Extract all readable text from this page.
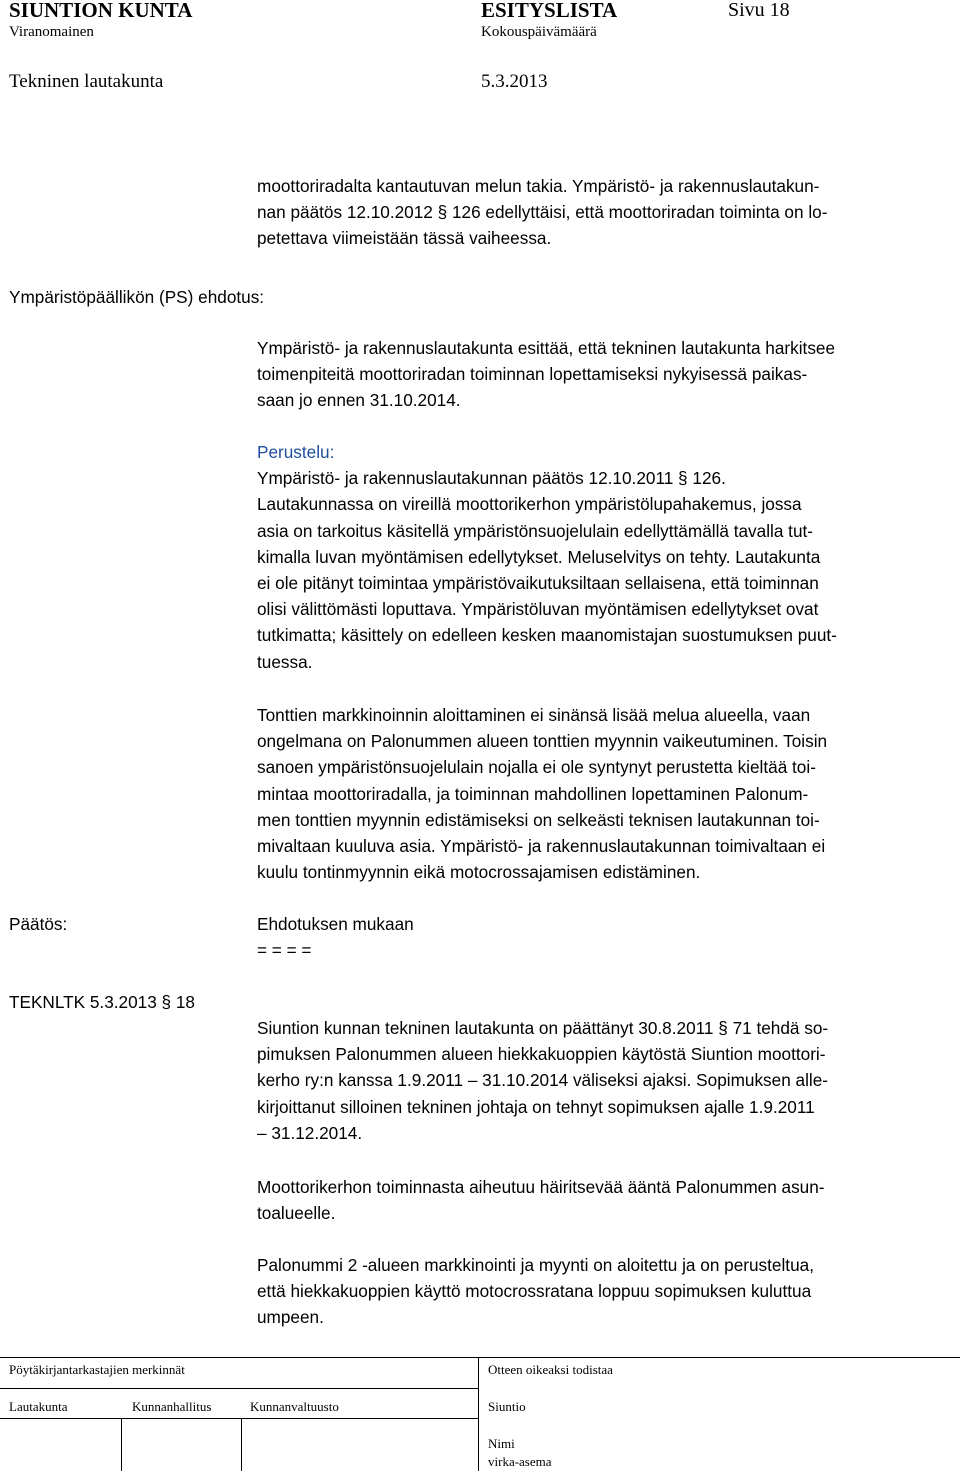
SIUNTION KUNTA	ESITYSLISTA	Sivu 18
Viranomainen	Kokouspäivämäärä
Tekninen lautakunta	5.3.2013
moottoriradalta kantautuvan melun takia. Ympäristö- ja rakennuslautakun-
nan päätös 12.10.2012 § 126 edellyttäisi, että moottoriradan toiminta on lo-
petettava viimeistään tässä vaiheessa.
Ympäristöpäällikön (PS) ehdotus:
Ympäristö- ja rakennuslautakunta esittää, että tekninen lautakunta harkitsee
toimenpiteitä moottoriradan toiminnan lopettamiseksi nykyisessä paikas-
saan jo ennen 31.10.2014.
Perustelu:
Ympäristö- ja rakennuslautakunnan päätös 12.10.2011 § 126.
Lautakunnassa on vireillä moottorikerhon ympäristölupahakemus, jossa
asia on tarkoitus käsitellä ympäristönsuojelulain edellyttämällä tavalla tut-
kimalla luvan myöntämisen edellytykset. Meluselvitys on tehty. Lautakunta
ei ole pitänyt toimintaa ympäristövaikutuksiltaan sellaisena, että toiminnan
olisi välittömästi loputtava. Ympäristöluvan myöntämisen edellytykset ovat
tutkimatta; käsittely on edelleen kesken maanomistajan suostumuksen puut-
tuessa.
Tonttien markkinoinnin aloittaminen ei sinänsä lisää melua alueella, vaan
ongelmana on Palonummen alueen tonttien myynnin vaikeutuminen. Toisin
sanoen ympäristönsuojelulain nojalla ei ole syntynyt perustetta kieltää toi-
mintaa moottoriradalla, ja toiminnan mahdollinen lopettaminen Palonum-
men tonttien myynnin edistämiseksi on selkeästi teknisen lautakunnan toi-
mivaltaan kuuluva asia. Ympäristö- ja rakennuslautakunnan toimivaltaan ei
kuulu tontinmyynnin eikä motocrossajamisen edistäminen.
Päätös:	Ehdotuksen mukaan
= = = =
TEKNLTK 5.3.2013 § 18
Siuntion kunnan tekninen lautakunta on päättänyt 30.8.2011 § 71 tehdä so-
pimuksen Palonummen alueen hiekkakuoppien käytöstä Siuntion moottori-
kerho ry:n kanssa 1.9.2011 – 31.10.2014 väliseksi ajaksi. Sopimuksen alle-
kirjoittanut silloinen tekninen johtaja on tehnyt sopimuksen ajalle 1.9.2011
– 31.12.2014.
Moottorikerhon toiminnasta aiheutuu häiritsevää ääntä Palonummen asun-
toalueelle.
Palonummi 2 -alueen markkinointi ja myynti on aloitettu ja on perusteltua,
että hiekkakuoppien käyttö motocrossratana loppuu sopimuksen kuluttua
umpeen.
Pöytäkirjantarkastajien merkinnät	Otteen oikeaksi todistaa
Lautakunta	Kunnanhallitus	Kunnanvaltuusto	Siuntio
Nimi
virka-asema
